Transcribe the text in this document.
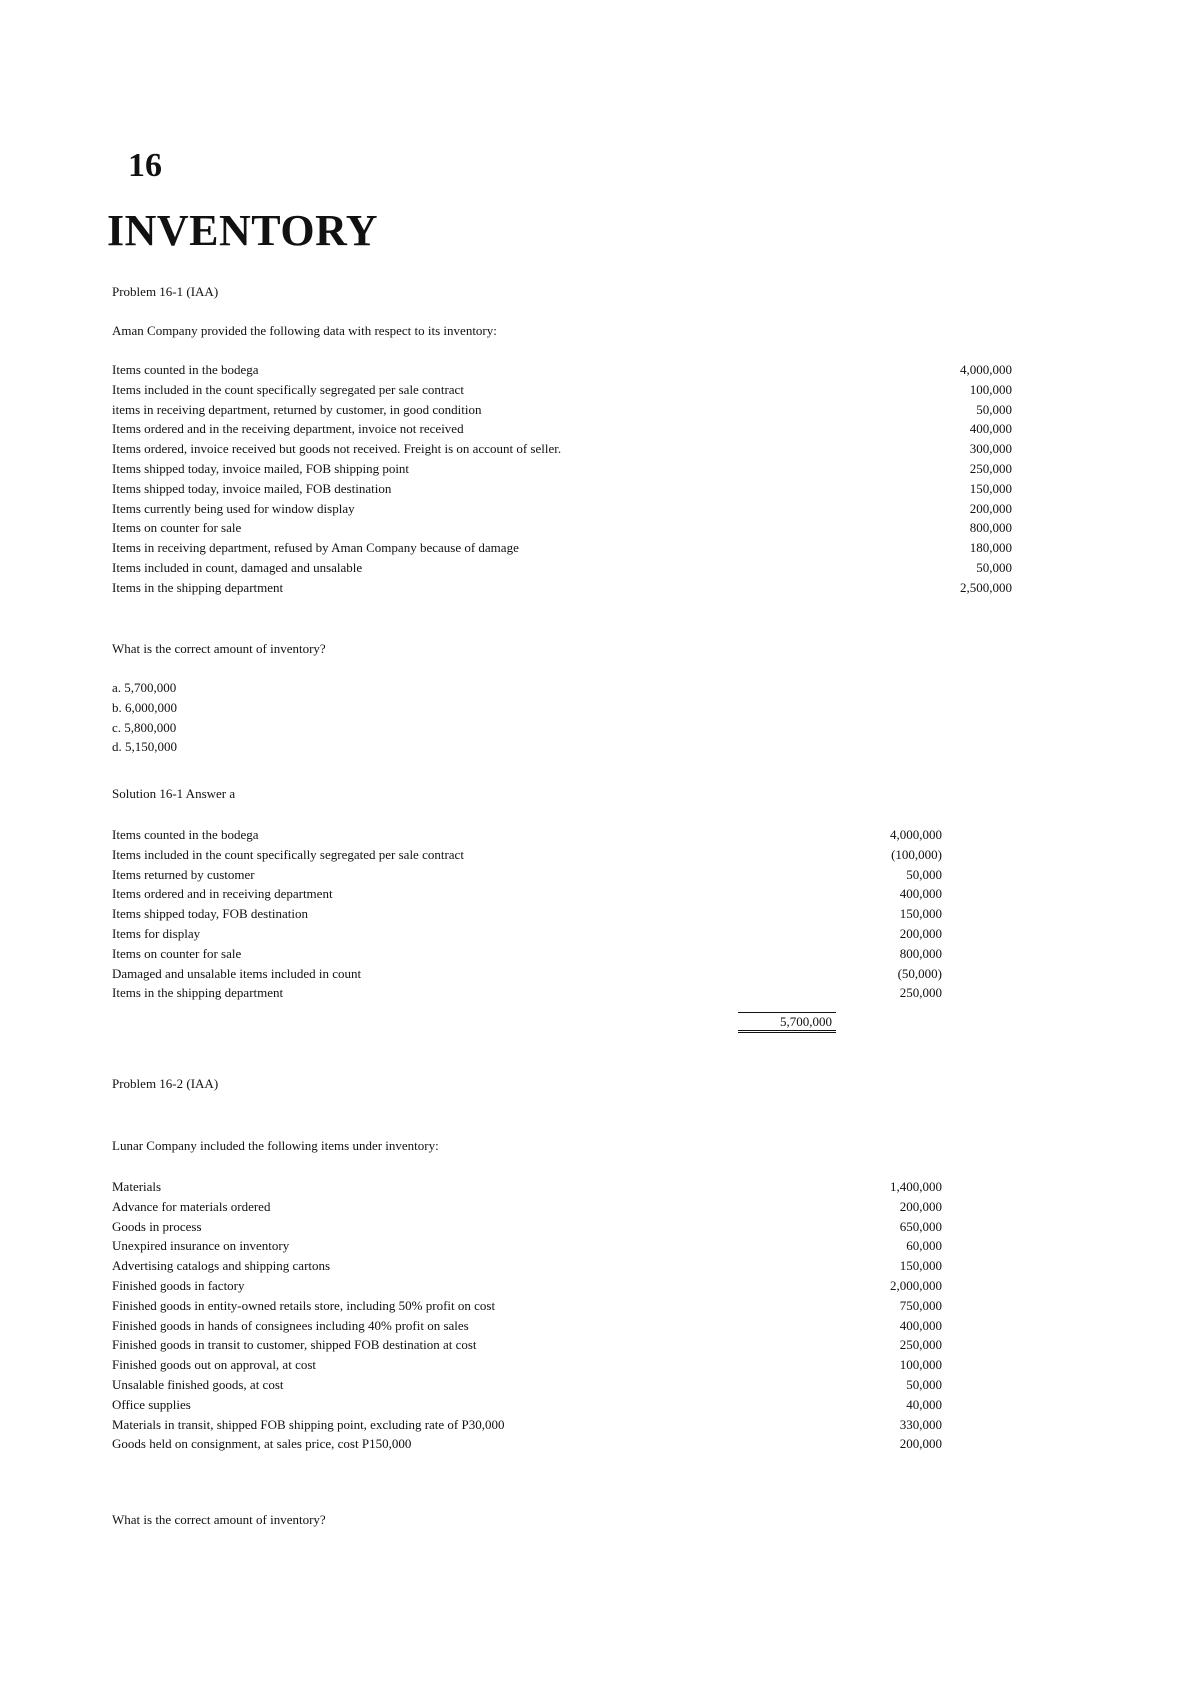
16
INVENTORY
Problem 16-1 (IAA)
Aman Company provided the following data with respect to its inventory:
Items counted in the bodega	4,000,000
Items included in the count specifically segregated per sale contract	100,000
items in receiving department, returned by customer, in good condition	50,000
Items ordered and in the receiving department, invoice not received	400,000
Items ordered, invoice received but goods not received. Freight is on account of seller.	300,000
Items shipped today, invoice mailed, FOB shipping point	250,000
Items shipped today, invoice mailed, FOB destination	150,000
Items currently being used for window display	200,000
Items on counter for sale	800,000
Items in receiving department, refused by Aman Company because of damage	180,000
Items included in count, damaged and unsalable	50,000
Items in the shipping department	2,500,000
What is the correct amount of inventory?
a. 5,700,000
b. 6,000,000
c. 5,800,000
d. 5,150,000
Solution 16-1 Answer a
Items counted in the bodega	4,000,000
Items included in the count specifically segregated per sale contract	(100,000)
Items returned by customer	50,000
Items ordered and in receiving department	400,000
Items shipped today, FOB destination	150,000
Items for display	200,000
Items on counter for sale	800,000
Damaged and unsalable items included in count	(50,000)
Items in the shipping department	250,000
5,700,000
Problem 16-2 (IAA)
Lunar Company included the following items under inventory:
Materials	1,400,000
Advance for materials ordered	200,000
Goods in process	650,000
Unexpired insurance on inventory	60,000
Advertising catalogs and shipping cartons	150,000
Finished goods in factory	2,000,000
Finished goods in entity-owned retails store, including 50% profit on cost	750,000
Finished goods in hands of consignees including 40% profit on sales	400,000
Finished goods in transit to customer, shipped FOB destination at cost	250,000
Finished goods out on approval, at cost	100,000
Unsalable finished goods, at cost	50,000
Office supplies	40,000
Materials in transit, shipped FOB shipping point, excluding rate of P30,000	330,000
Goods held on consignment, at sales price, cost P150,000	200,000
What is the correct amount of inventory?
